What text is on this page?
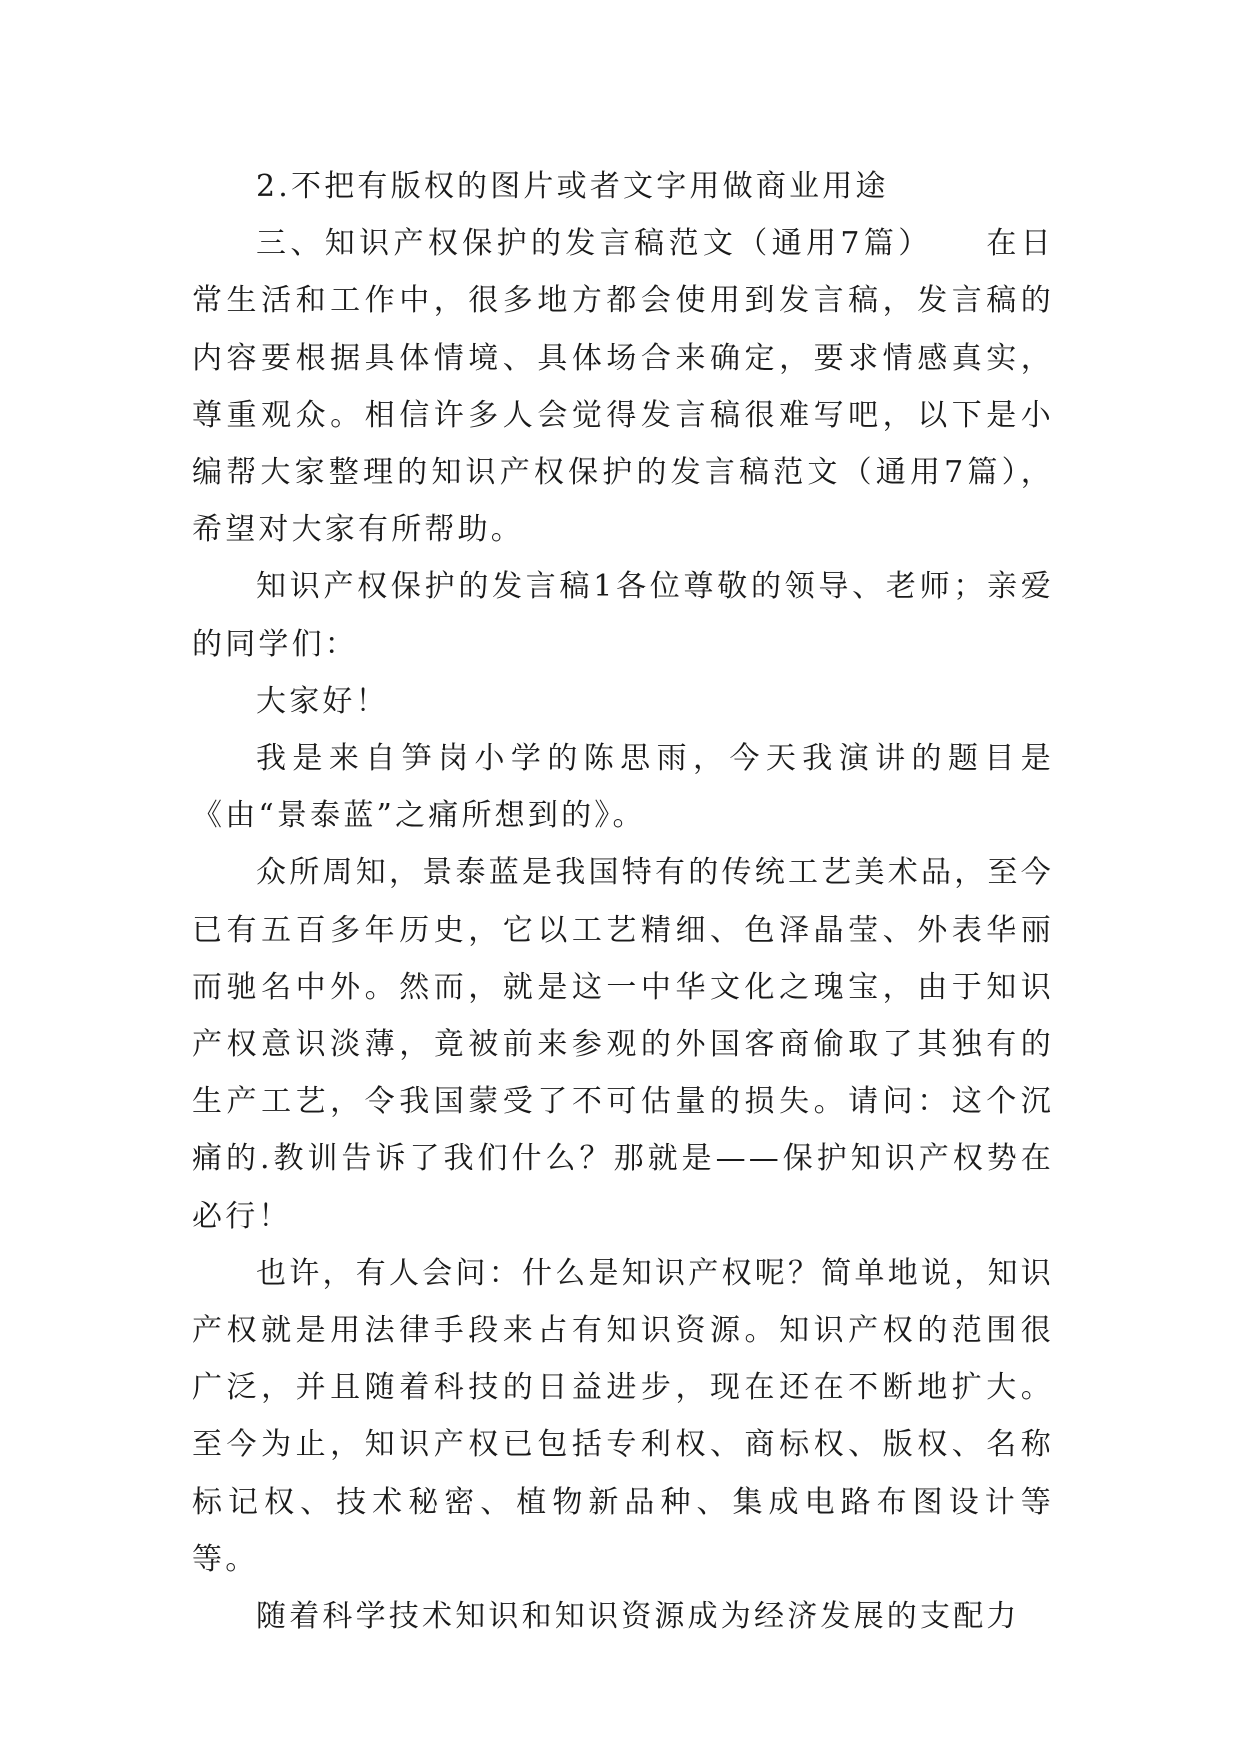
2.不把有版权的图片或者文字用做商业用途

三、知识产权保护的发言稿范文（通用7篇）　　在日常生活和工作中，很多地方都会使用到发言稿，发言稿的内容要根据具体情境、具体场合来确定，要求情感真实，尊重观众。相信许多人会觉得发言稿很难写吧，以下是小编帮大家整理的知识产权保护的发言稿范文（通用7篇），希望对大家有所帮助。

知识产权保护的发言稿1各位尊敬的领导、老师；亲爱的同学们：

大家好！

我是来自笋岗小学的陈思雨，今天我演讲的题目是《由“景泰蓝”之痛所想到的》。

众所周知，景泰蓝是我国特有的传统工艺美术品，至今已有五百多年历史，它以工艺精细、色泽晶莹、外表华丽而驰名中外。然而，就是这一中华文化之瑰宝，由于知识产权意识淡薄，竟被前来参观的外国客商偷取了其独有的生产工艺，令我国蒙受了不可估量的损失。请问：这个沉痛的.教训告诉了我们什么？那就是——保护知识产权势在必行！

也许，有人会问：什么是知识产权呢？简单地说，知识产权就是用法律手段来占有知识资源。知识产权的范围很广泛，并且随着科技的日益进步，现在还在不断地扩大。至今为止，知识产权已包括专利权、商标权、版权、名称标记权、技术秘密、植物新品种、集成电路布图设计等等。

随着科学技术知识和知识资源成为经济发展的支配力
